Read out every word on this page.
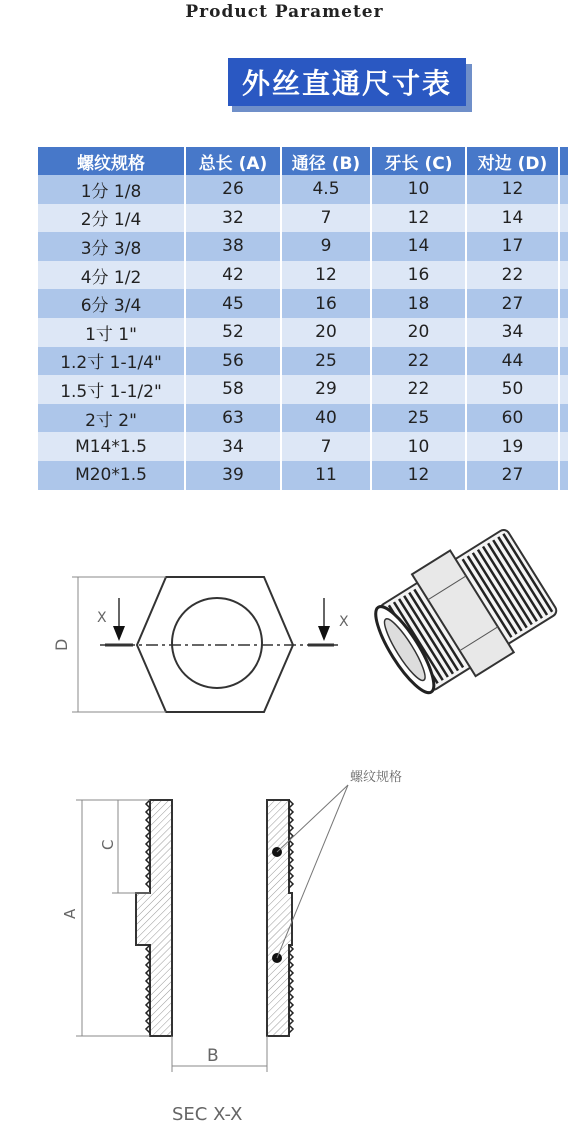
Product Parameter
外丝直通尺寸表
螺纹规格	总长 (A)	通径 (B)	牙长 (C)	对边 (D)	
1分 1/8	26	4.5	10	12	
2分 1/4	32	7	12	14	
3分 3/8	38	9	14	17	
4分 1/2	42	12	16	22	
6分 3/4	45	16	18	27	
1寸 1"	52	20	20	34	
1.2寸 1-1/4"	56	25	22	44	
1.5寸 1-1/2"	58	29	22	50	
2寸 2"	63	40	25	60	
M14*1.5	34	7	10	19	
M20*1.5	39	11	12	27	
D
X	X
螺纹规格
C
A
B
SEC X-X
